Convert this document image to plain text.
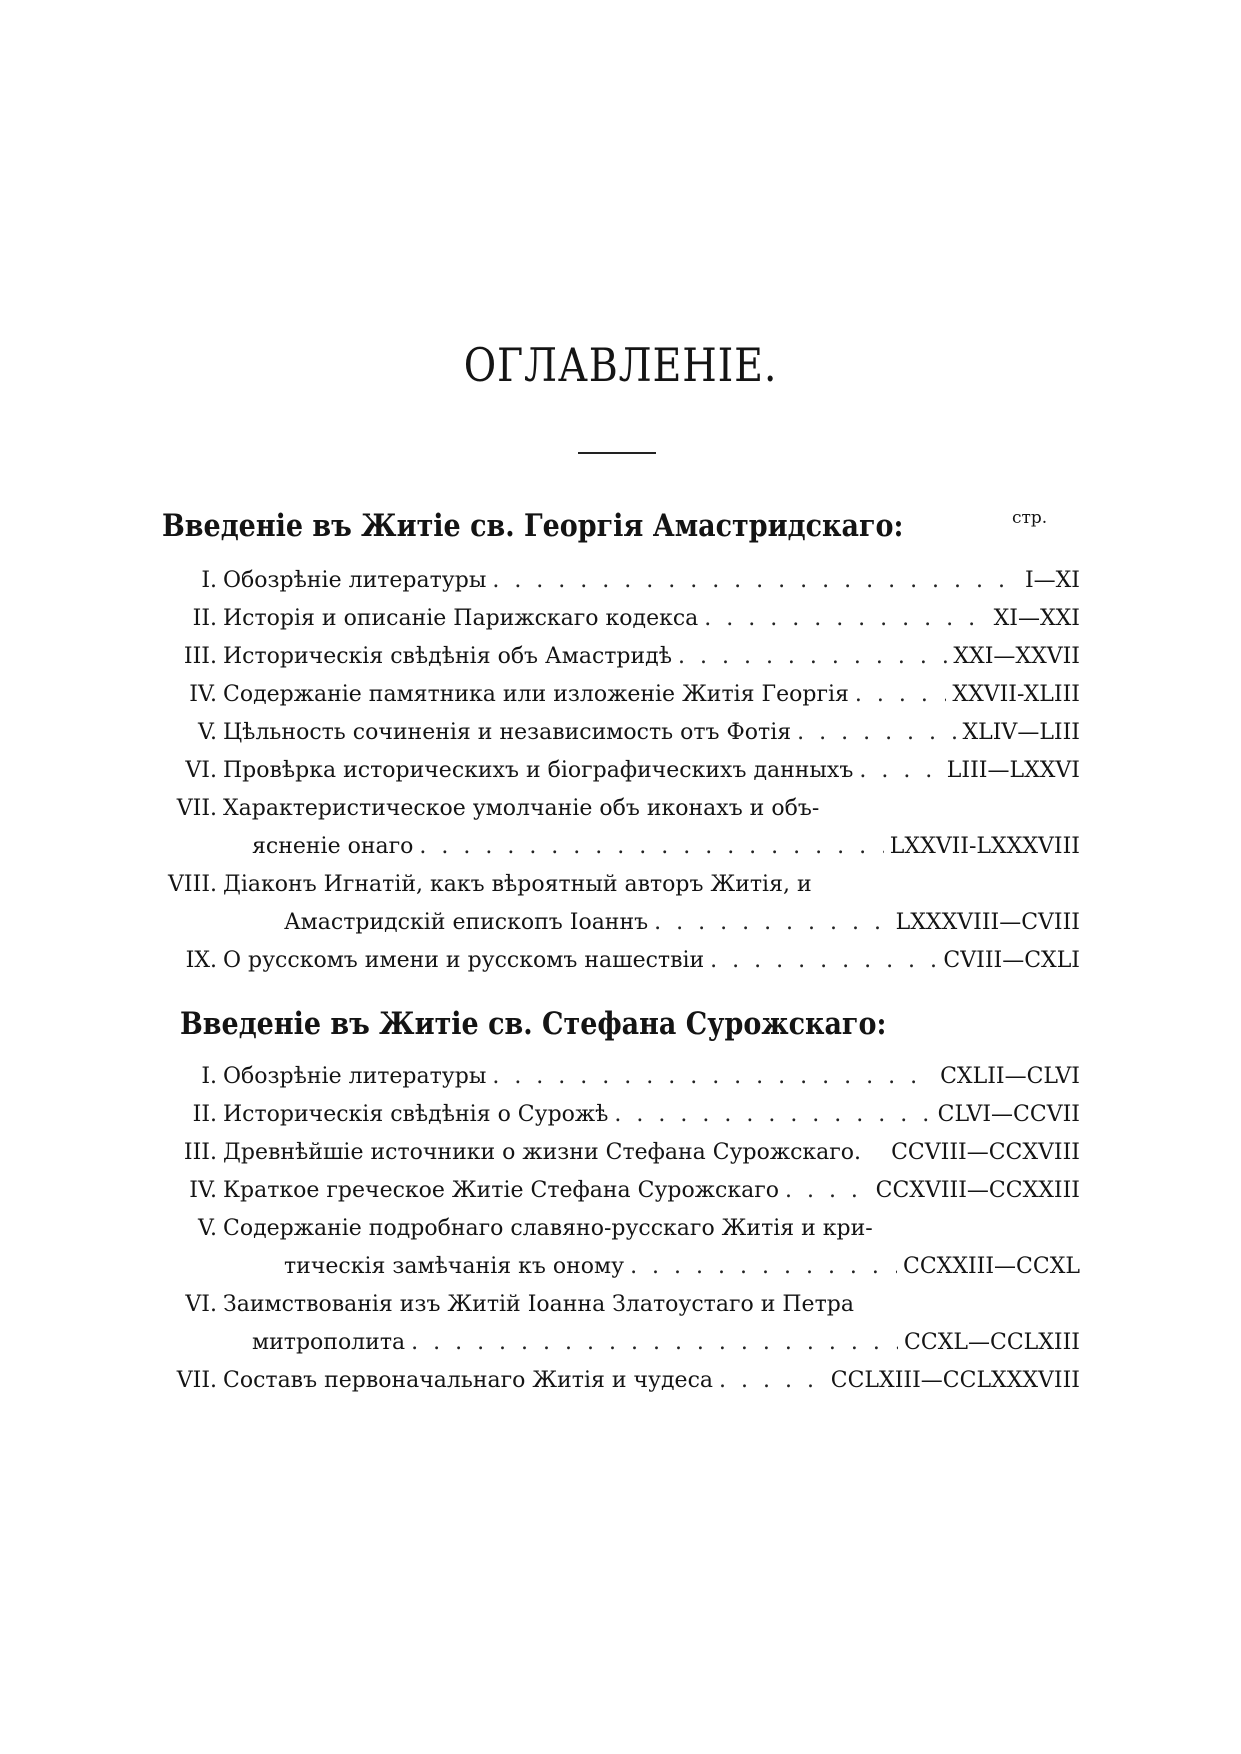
ОГЛАВЛЕНІЕ.
стр.
Введеніе въ Житіе св. Георгія Амастридскаго:
I. Обозрѣніе литературы . . .	I—XI
II. Исторія и описаніе Парижскаго кодекса . . .	XI—XXI
III. Историческія свѣдѣнія объ Амастридѣ . . .	XXI—XXVII
IV. Содержаніе памятника или изложеніе Житія Георгія . . .	XXVII-XLIII
V. Цѣльность сочиненія и независимость отъ Фотія . . .	XLIV—LIII
VI. Провѣрка историческихъ и біографическихъ данныхъ . . .	LIII—LXXVI
VII. Характеристическое умолчаніе объ иконахъ и объ-
ясненіе онаго . . .	LXXVII-LXXXVIII
VIII. Діаконъ Игнатій, какъ вѣроятный авторъ Житія, и
Амастридскій епископъ Іоаннъ . . .	LXXXVIII—CVIII
IX. О русскомъ имени и русскомъ нашествіи . . .	CVIII—CXLI
Введеніе въ Житіе св. Стефана Сурожскаго:
I. Обозрѣніе литературы . . .	CXLII—CLVI
II. Историческія свѣдѣнія о Сурожѣ . . .	CLVI—CCVII
III. Древнѣйшіе источники о жизни Стефана Сурожскаго. CCVIII—CCXVIII
IV. Краткое греческое Житіе Стефана Сурожскаго . . .	CCXVIII—CCXXIII
V. Содержаніе подробнаго славяно-русскаго Житія и кри-
тическія замѣчанія къ оному . . .	CCXXIII—CCXL
VI. Заимствованія изъ Житій Іоанна Златоустаго и Петра
митрополита . . .	CCXL—CCLXIII
VII. Составъ первоначальнаго Житія и чудеса . . .	CCLXIII—CCLXXXVIII
